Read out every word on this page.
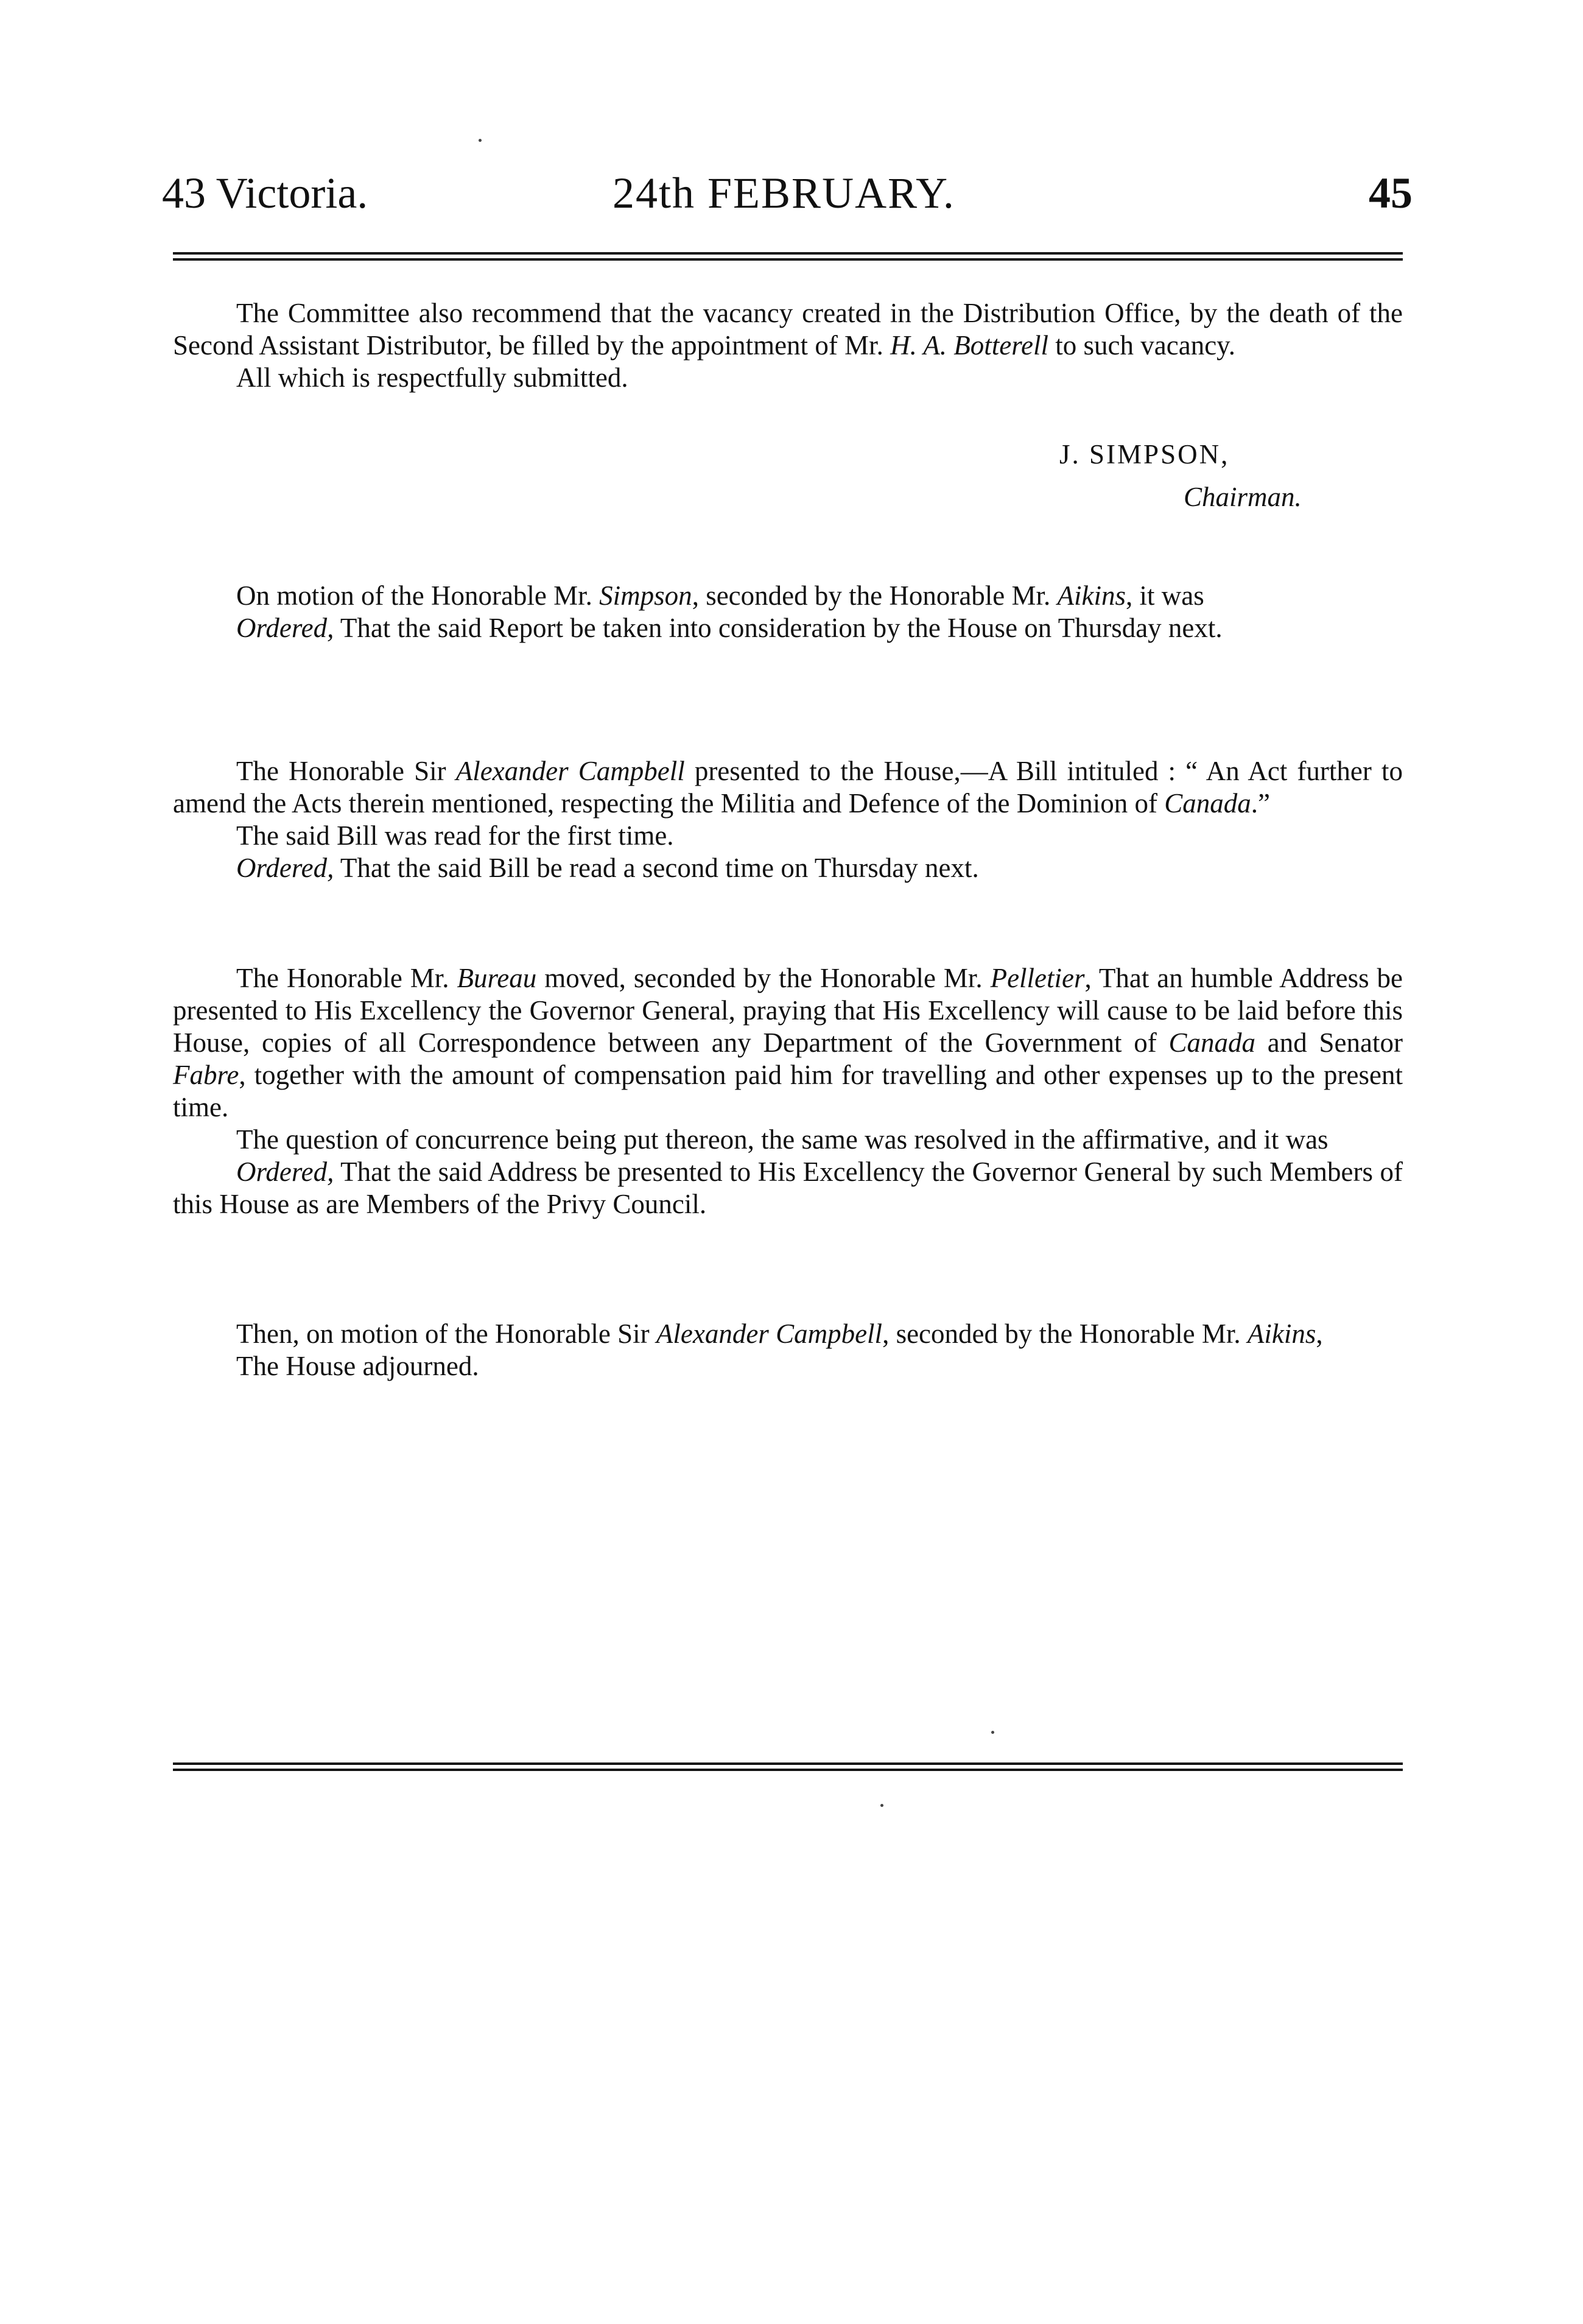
43 Victoria.	24th FEBRUARY.	45

The Committee also recommend that the vacancy created in the Distribution Office, by the death of the Second Assistant Distributor, be filled by the appointment of Mr. H. A. Botterell to such vacancy.

All which is respectfully submitted.

J. SIMPSON,
Chairman.

On motion of the Honorable Mr. Simpson, seconded by the Honorable Mr. Aikins, it was

Ordered, That the said Report be taken into consideration by the House on Thursday next.

The Honorable Sir Alexander Campbell presented to the House,—A Bill intituled : “ An Act further to amend the Acts therein mentioned, respecting the Militia and Defence of the Dominion of Canada.”

The said Bill was read for the first time.

Ordered, That the said Bill be read a second time on Thursday next.

The Honorable Mr. Bureau moved, seconded by the Honorable Mr. Pelletier, That an humble Address be presented to His Excellency the Governor General, praying that His Excellency will cause to be laid before this House, copies of all Correspondence between any Department of the Government of Canada and Senator Fabre, together with the amount of compensation paid him for travelling and other expenses up to the present time.

The question of concurrence being put thereon, the same was resolved in the affirmative, and it was

Ordered, That the said Address be presented to His Excellency the Governor General by such Members of this House as are Members of the Privy Council.

Then, on motion of the Honorable Sir Alexander Campbell, seconded by the Honorable Mr. Aikins,

The House adjourned.
